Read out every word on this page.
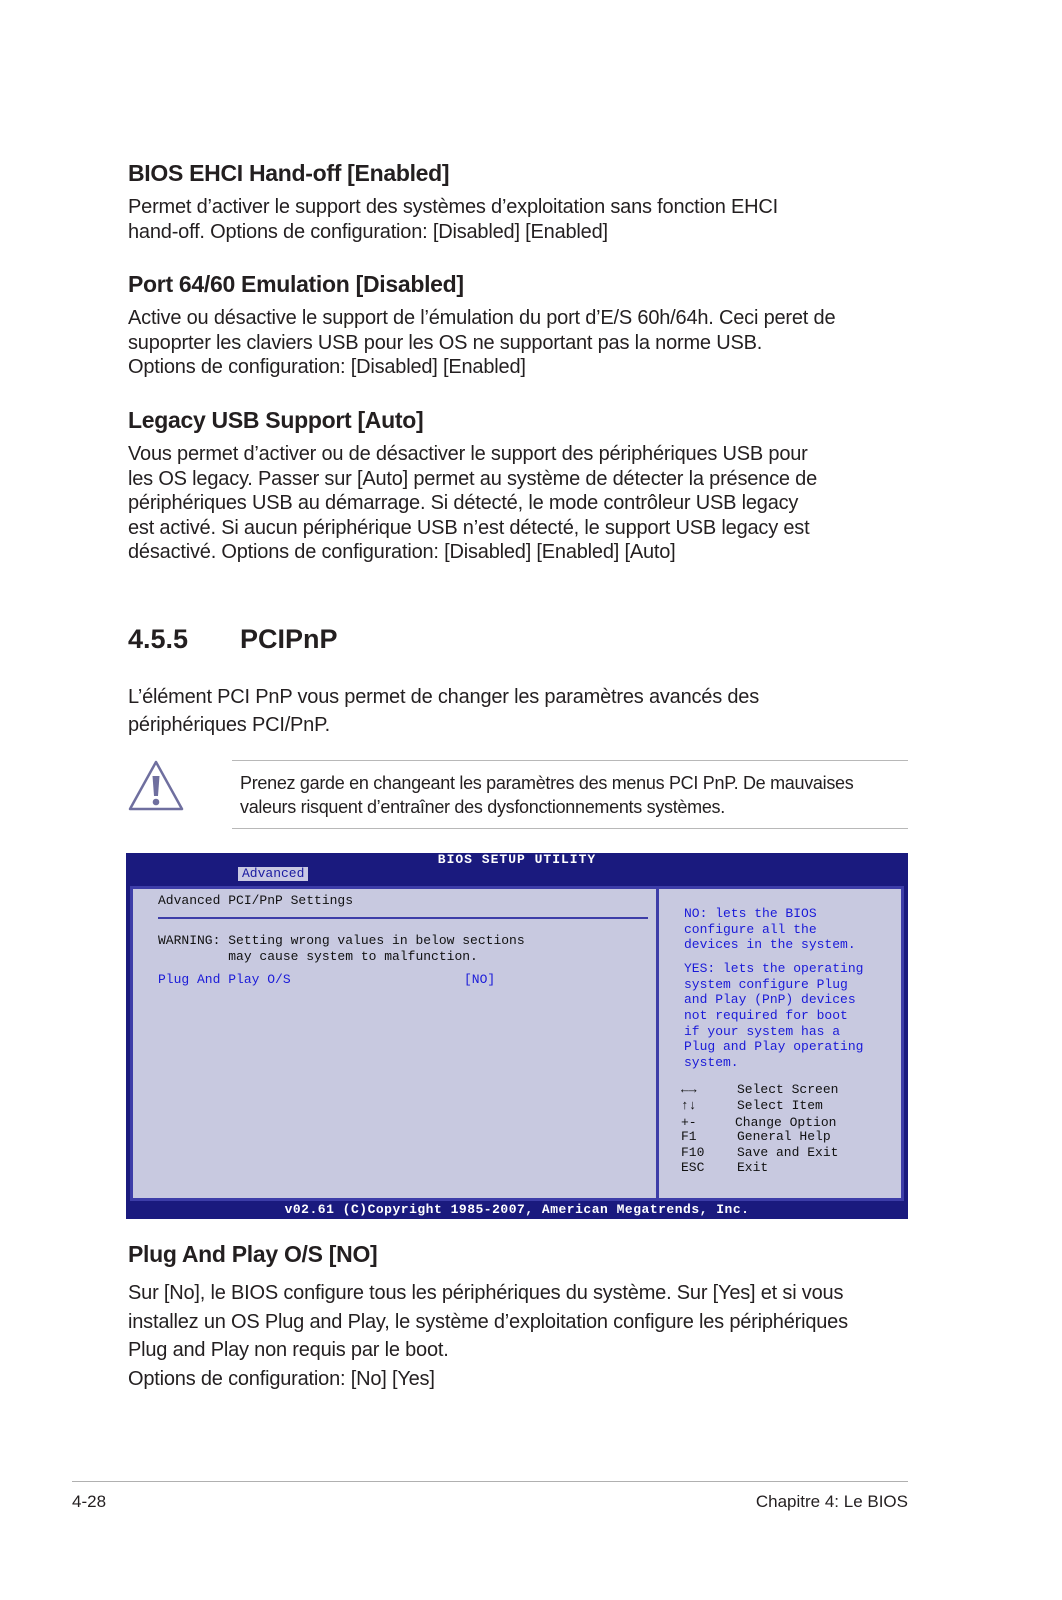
BIOS EHCI Hand-off [Enabled]

Permet d’activer le support des systèmes d’exploitation sans fonction EHCI
hand-off. Options de configuration: [Disabled] [Enabled]

Port 64/60 Emulation [Disabled]

Active ou désactive le support de l’émulation du port d’E/S 60h/64h. Ceci peret de
supoprter les claviers USB pour les OS ne supportant pas la norme USB.
Options de configuration: [Disabled] [Enabled]

Legacy USB Support [Auto]

Vous permet d’activer ou de désactiver le support des périphériques USB pour
les OS legacy. Passer sur [Auto] permet au système de détecter la présence de
périphériques USB au démarrage. Si détecté, le mode contrôleur USB legacy
est activé. Si aucun périphérique USB n’est détecté, le support USB legacy est
désactivé. Options de configuration: [Disabled] [Enabled] [Auto]

4.5.5 PCIPnP

L’élément PCI PnP vous permet de changer les paramètres avancés des
périphériques PCI/PnP.

Prenez garde en changeant les paramètres des menus PCI PnP. De mauvaises
valeurs risquent d’entraîner des dysfonctionnements systèmes.

BIOS SETUP UTILITY
Advanced
Advanced PCI/PnP Settings
WARNING: Setting wrong values in below sections
may cause system to malfunction.
Plug And Play O/S	[NO]
NO: lets the BIOS
configure all the
devices in the system.
YES: lets the operating
system configure Plug
and Play (PnP) devices
not required for boot
if your system has a
Plug and Play operating
system.
←→	Select Screen
↑↓	Select Item
+-	Change Option
F1	General Help
F10	Save and Exit
ESC	Exit
v02.61 (C)Copyright 1985-2007, American Megatrends, Inc.
Plug And Play O/S [NO]

Sur [No], le BIOS configure tous les périphériques du système. Sur [Yes] et si vous
installez un OS Plug and Play, le système d’exploitation configure les périphériques
Plug and Play non requis par le boot.
Options de configuration: [No] [Yes]

4-28	Chapitre 4: Le BIOS
